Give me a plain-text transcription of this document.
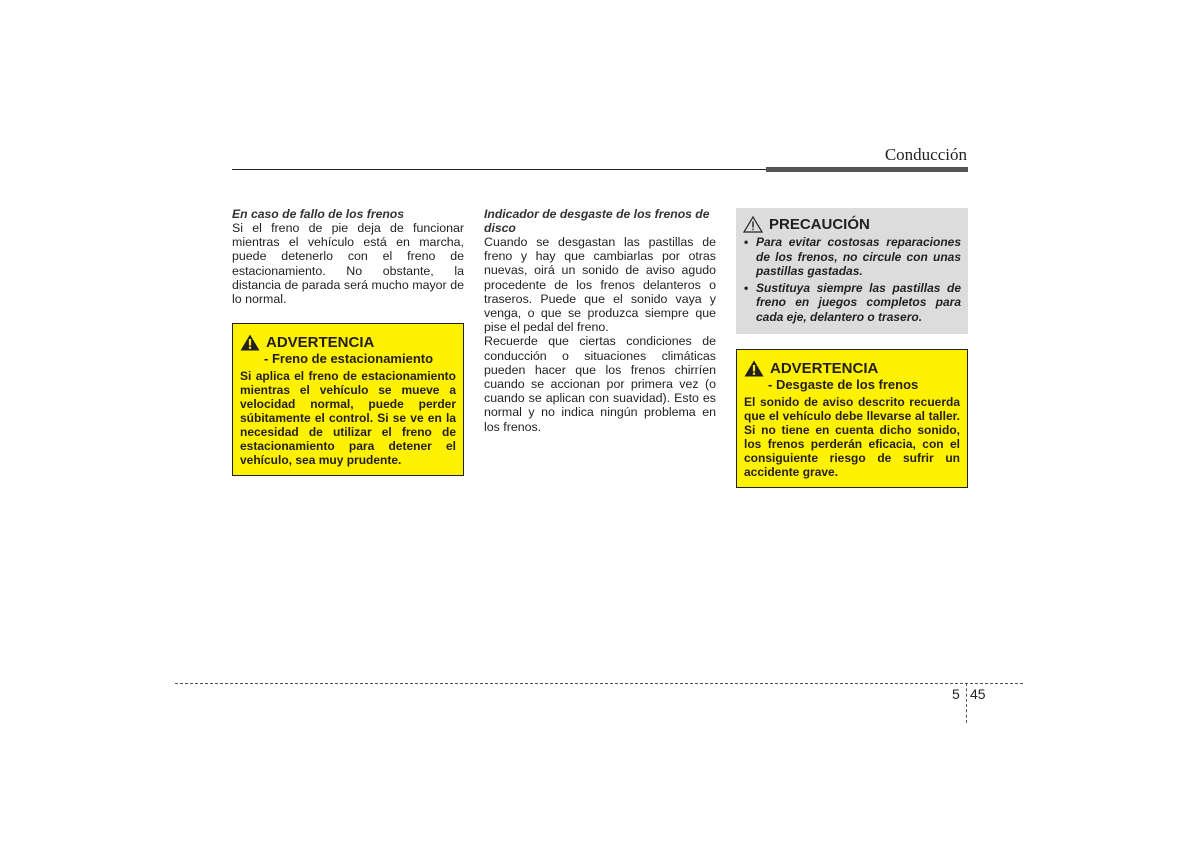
Conducción
En caso de fallo de los frenos

Si el freno de pie deja de funcionar mientras el vehículo está en marcha, puede detenerlo con el freno de estacionamiento. No obstante, la distancia de parada será mucho mayor de lo normal.

ADVERTENCIA
- Freno de estacionamiento

Si aplica el freno de estacionamiento mientras el vehículo se mueve a velocidad normal, puede perder súbitamente el control. Si se ve en la necesidad de utilizar el freno de estacionamiento para detener el vehículo, sea muy prudente.

Indicador de desgaste de los frenos de disco

Cuando se desgastan las pastillas de freno y hay que cambiarlas por otras nuevas, oirá un sonido de aviso agudo procedente de los frenos delanteros o traseros. Puede que el sonido vaya y venga, o que se produzca siempre que pise el pedal del freno.

Recuerde que ciertas condiciones de conducción o situaciones climáticas pueden hacer que los frenos chirríen cuando se accionan por primera vez (o cuando se aplican con suavidad). Esto es normal y no indica ningún problema en los frenos.

PRECAUCIÓN
• Para evitar costosas reparaciones de los frenos, no circule con unas pastillas gastadas.
• Sustituya siempre las pastillas de freno en juegos completos para cada eje, delantero o trasero.
ADVERTENCIA
- Desgaste de los frenos

El sonido de aviso descrito recuerda que el vehículo debe llevarse al taller. Si no tiene en cuenta dicho sonido, los frenos perderán eficacia, con el consiguiente riesgo de sufrir un accidente grave.

5 45
